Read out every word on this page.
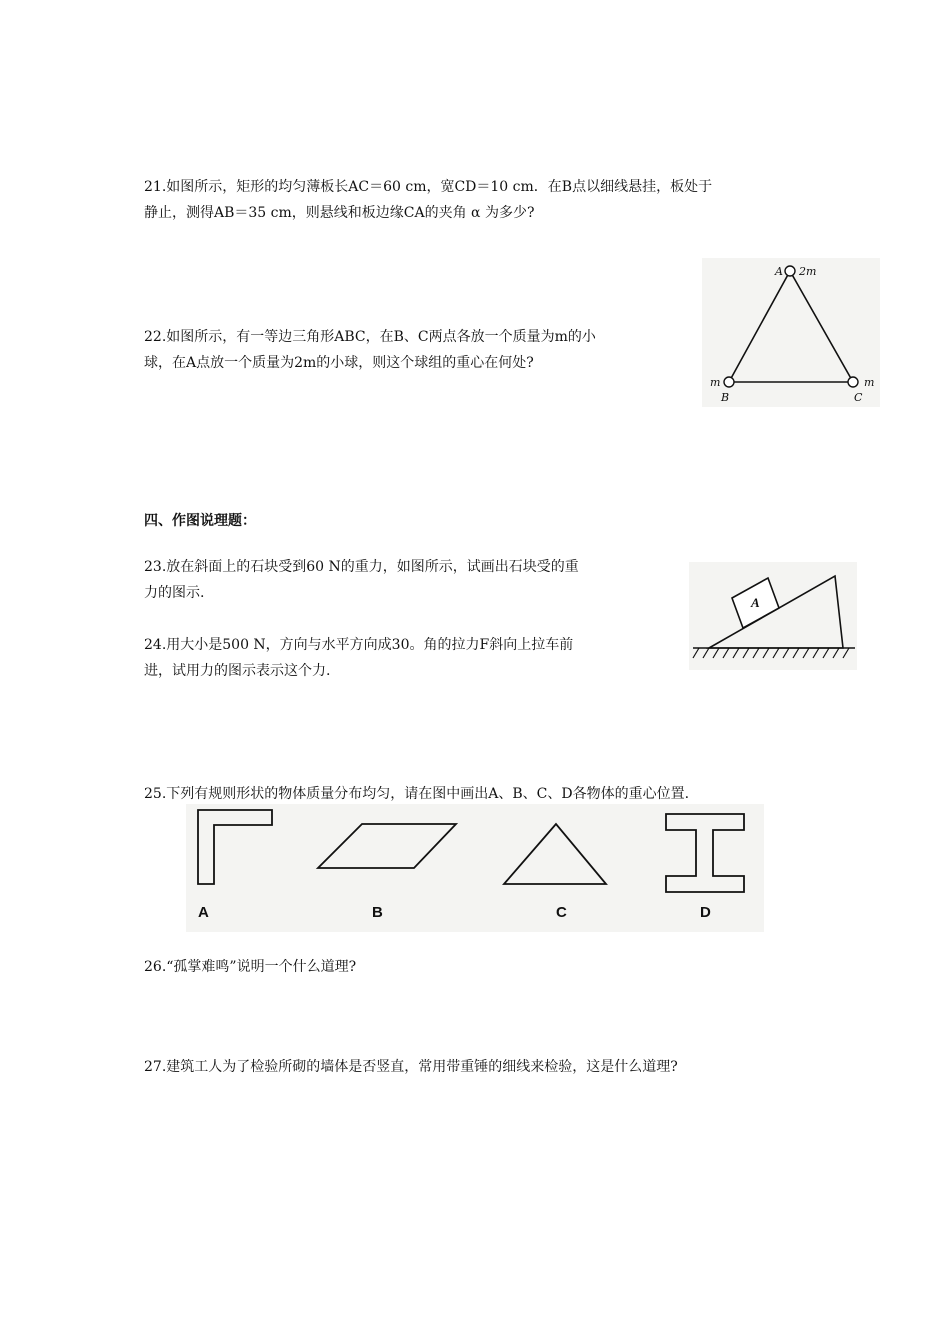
21.如图所示，矩形的均匀薄板长AC＝60 cm，宽CD＝10 cm．在B点以细线悬挂，板处于
静止，测得AB＝35 cm，则悬线和板边缘CA的夹角 α 为多少?
22.如图所示，有一等边三角形ABC，在B、C两点各放一个质量为m的小
球，在A点放一个质量为2m的小球，则这个球组的重心在何处?
A 2m
m	m
B	C
四、作图说理题：
23.放在斜面上的石块受到60 N的重力，如图所示，试画出石块受的重
力的图示.
24.用大小是500 N，方向与水平方向成30。角的拉力F斜向上拉车前
进，试用力的图示表示这个力.
A
25.下列有规则形状的物体质量分布均匀，请在图中画出A、B、C、D各物体的重心位置.
A	B	C	D
26.“孤掌难鸣”说明一个什么道理?
27.建筑工人为了检验所砌的墙体是否竖直，常用带重锤的细线来检验，这是什么道理?
